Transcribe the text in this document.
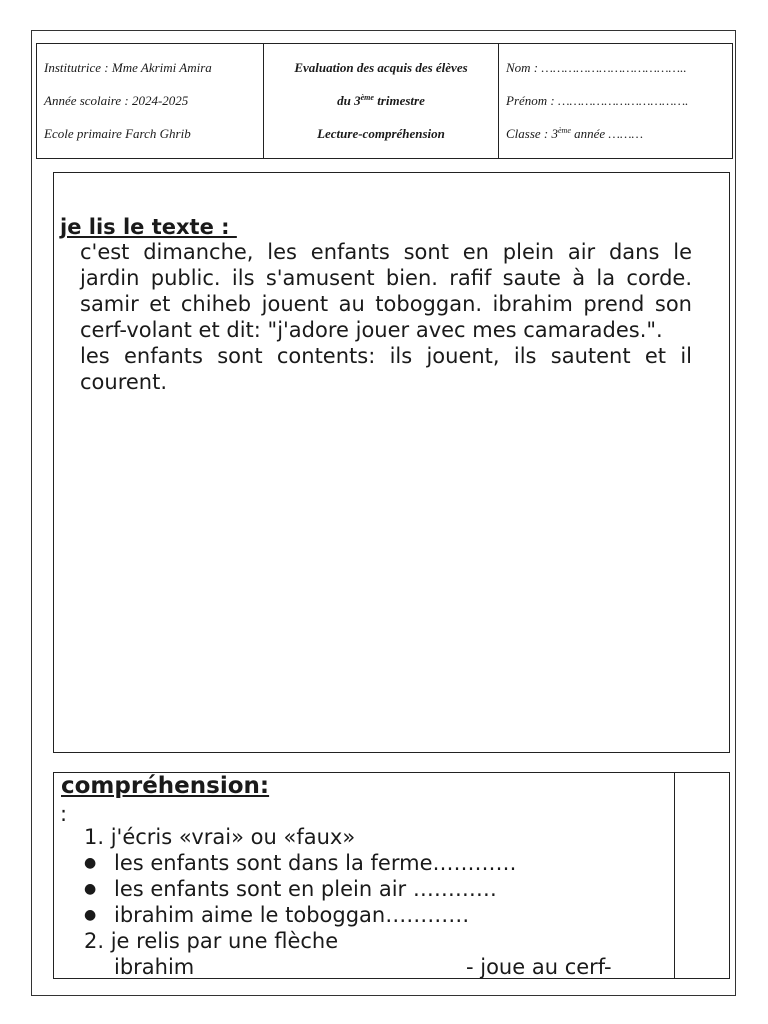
Institutrice : Mme Akrimi Amira
Année scolaire : 2024-2025
Ecole primaire Farch Ghrib
Evaluation des acquis des élèves
du 3ème trimestre
Lecture-compréhension
Nom : ………………………………..
Prénom : …………………………….
Classe : 3ème année ………
je lis le texte :

c'est dimanche, les enfants sont en plein air dans le jardin public. ils s'amusent bien. rafif saute à la corde. samir et chiheb jouent au toboggan. ibrahim prend son cerf-volant et dit: "j'adore jouer avec mes camarades.".

les enfants sont contents: ils jouent, ils sautent et il courent.

compréhension:
:
1. j'écris «vrai» ou «faux»
● les enfants sont dans la ferme…………
● les enfants sont en plein air …………
● ibrahim aime le toboggan…………
2. je relis par une flèche
ibrahim	- joue au cerf-
